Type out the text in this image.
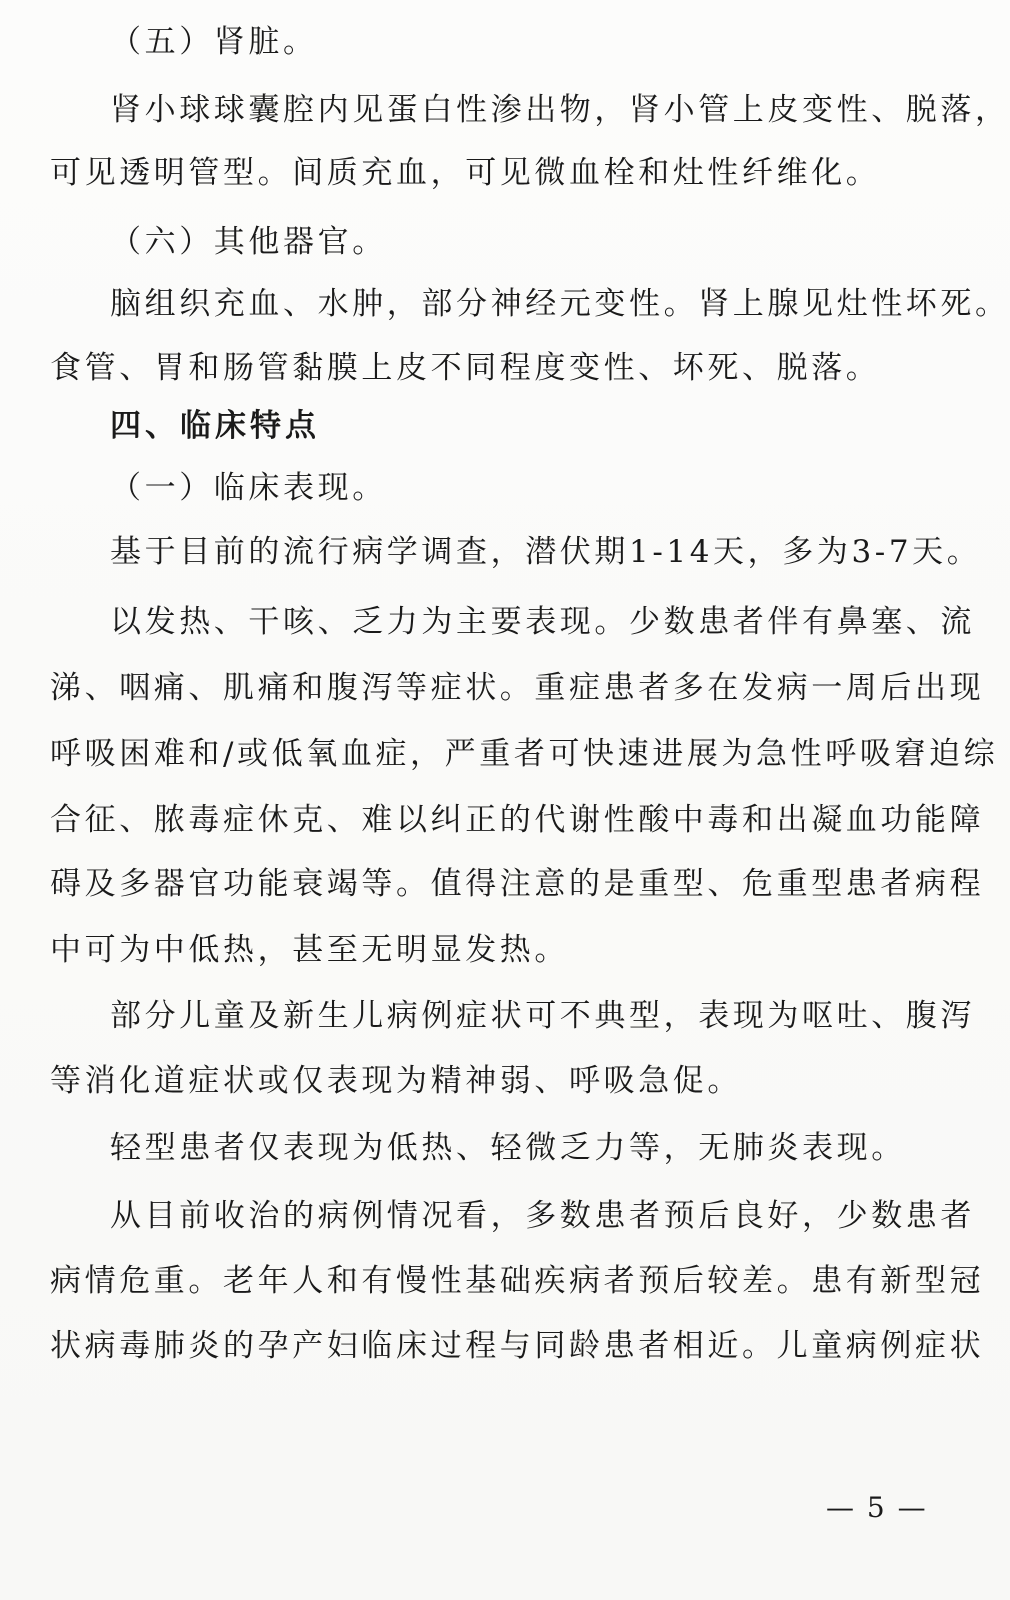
（五）肾脏。
肾小球球囊腔内见蛋白性渗出物，肾小管上皮变性、脱落，
可见透明管型。间质充血，可见微血栓和灶性纤维化。
（六）其他器官。
脑组织充血、水肿，部分神经元变性。肾上腺见灶性坏死。
食管、胃和肠管黏膜上皮不同程度变性、坏死、脱落。
四、临床特点
（一）临床表现。
基于目前的流行病学调查，潜伏期1-14天，多为3-7天。
以发热、干咳、乏力为主要表现。少数患者伴有鼻塞、流
涕、咽痛、肌痛和腹泻等症状。重症患者多在发病一周后出现
呼吸困难和/或低氧血症，严重者可快速进展为急性呼吸窘迫综
合征、脓毒症休克、难以纠正的代谢性酸中毒和出凝血功能障
碍及多器官功能衰竭等。值得注意的是重型、危重型患者病程
中可为中低热，甚至无明显发热。
部分儿童及新生儿病例症状可不典型，表现为呕吐、腹泻
等消化道症状或仅表现为精神弱、呼吸急促。
轻型患者仅表现为低热、轻微乏力等，无肺炎表现。
从目前收治的病例情况看，多数患者预后良好，少数患者
病情危重。老年人和有慢性基础疾病者预后较差。患有新型冠
状病毒肺炎的孕产妇临床过程与同龄患者相近。儿童病例症状
— 5 —
